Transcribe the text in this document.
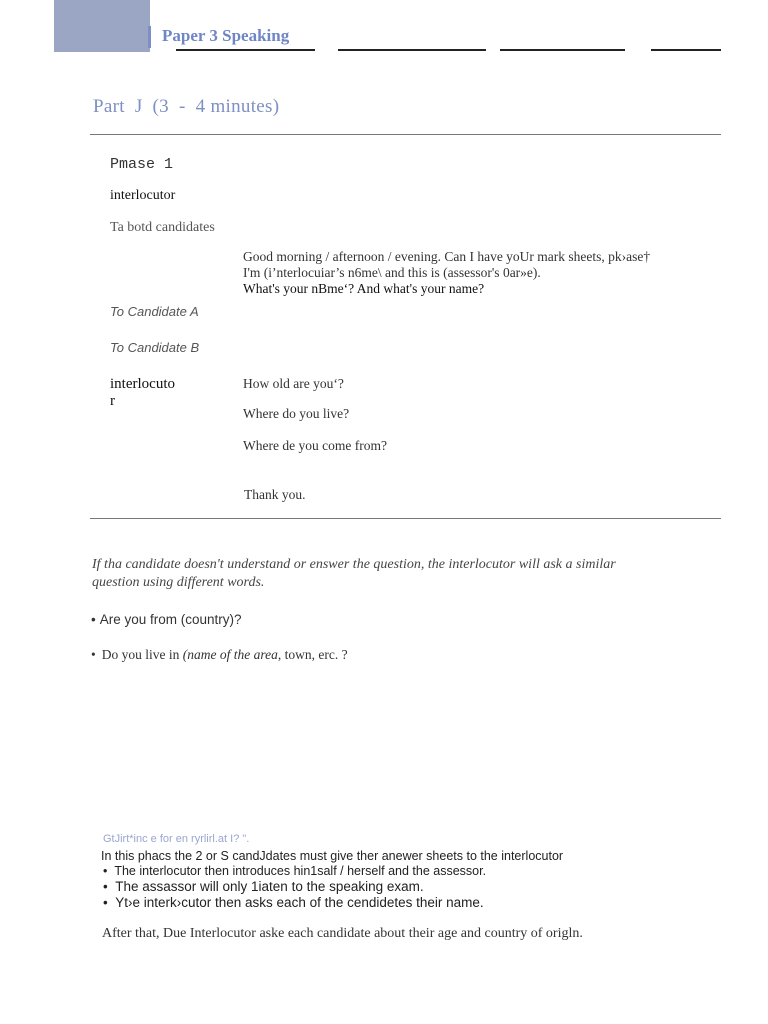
Paper 3 Speaking
Part J (3 - 4 minutes)
Pmase 1
interlocutor
Ta botd candidates
Good morning / afternoon / evening. Can I have yoUr mark sheets, pk›ase†
I'm (i’nterlocuiar’s n6me\ and this is (assessor's 0ar»e).
What's your nBme‘? And what's your name?
To Candidate A
To Candidate B
interlocuto
r
How old are you‘?
Where do you live?
Where de you come from?
Thank you.
If tha candidate doesn't understand or enswer the question, the interlocutor will ask a similar question using different words.
• Are you from (country)?
• Do you live in (name of the area, town, erc. ?
GtJirt*inc e for en ryrlirl.at I? ".
In this phacs the 2 or S candJdates must give ther anewer sheets to the interlocutor
•  The interlocutor then introduces hin1salf / herself and the assessor.
•  The assassor will only 1iaten to the speaking exam.
•  Yt›e interk›cutor then asks each of the cendidetes their name.
After that, Due Interlocutor aske each candidate about their age and country of origln.
